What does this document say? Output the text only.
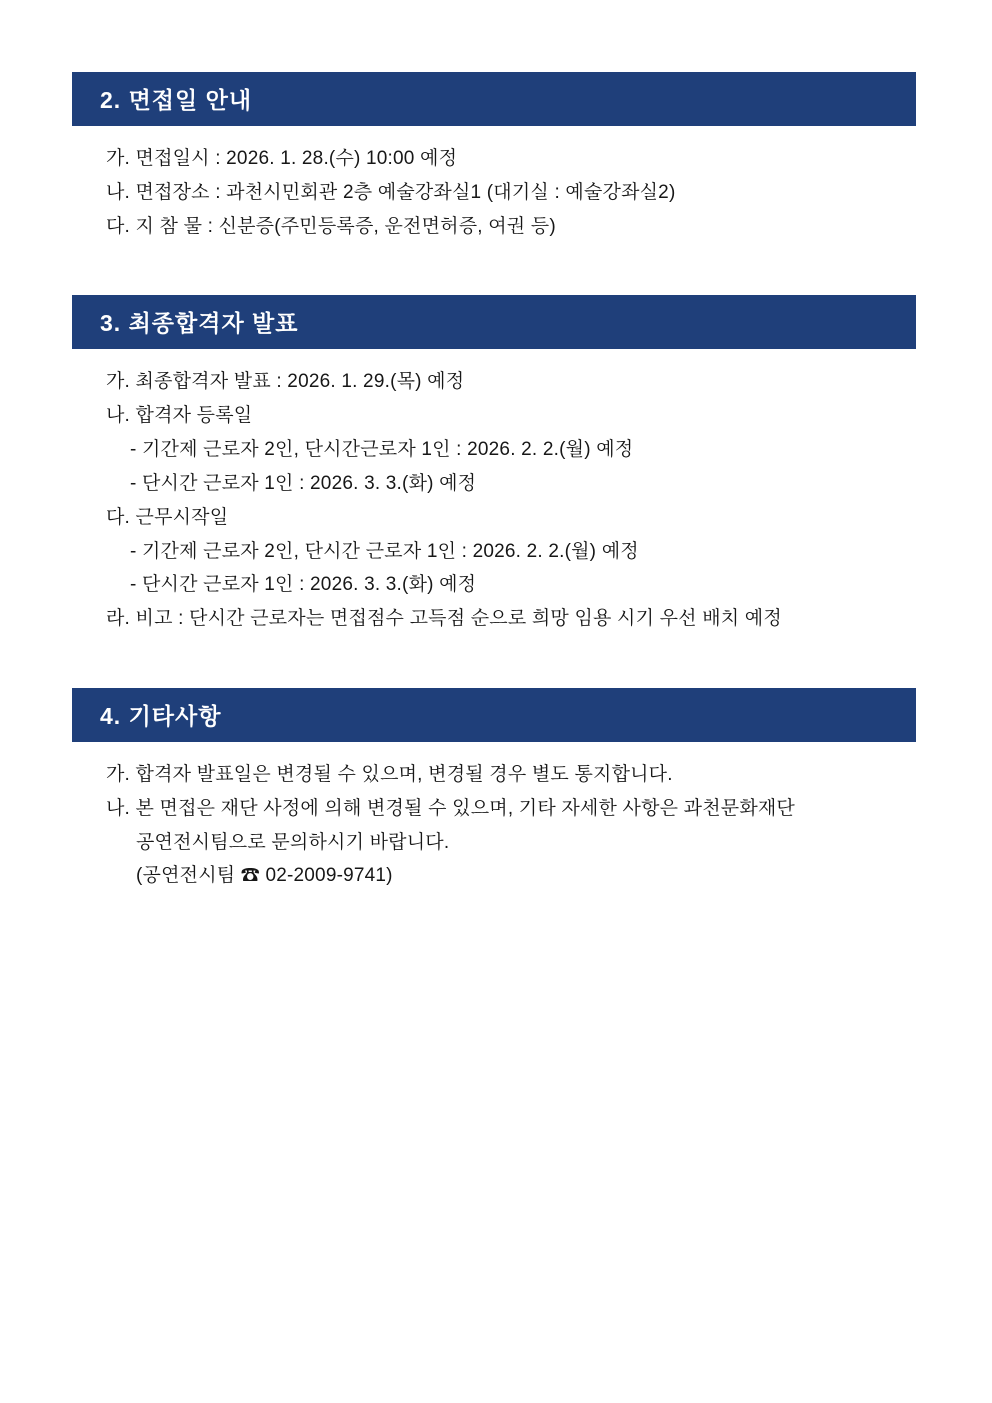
2. 면접일 안내
가. 면접일시 : 2026. 1. 28.(수) 10:00 예정
나. 면접장소 : 과천시민회관 2층 예술강좌실1 (대기실 : 예술강좌실2)
다. 지 참 물 : 신분증(주민등록증, 운전면허증, 여권 등)
3. 최종합격자 발표
가. 최종합격자 발표 : 2026. 1. 29.(목) 예정
나. 합격자 등록일
- 기간제 근로자 2인, 단시간근로자 1인 : 2026. 2. 2.(월) 예정
- 단시간 근로자 1인 : 2026. 3. 3.(화) 예정
다. 근무시작일
- 기간제 근로자 2인, 단시간 근로자 1인 : 2026. 2. 2.(월) 예정
- 단시간 근로자 1인 : 2026. 3. 3.(화) 예정
라. 비고 : 단시간 근로자는 면접점수 고득점 순으로 희망 임용 시기 우선 배치 예정
4. 기타사항
가. 합격자 발표일은 변경될 수 있으며, 변경될 경우 별도 통지합니다.
나. 본 면접은 재단 사정에 의해 변경될 수 있으며, 기타 자세한 사항은 과천문화재단
공연전시팀으로 문의하시기 바랍니다.
(공연전시팀 ☎ 02-2009-9741)
